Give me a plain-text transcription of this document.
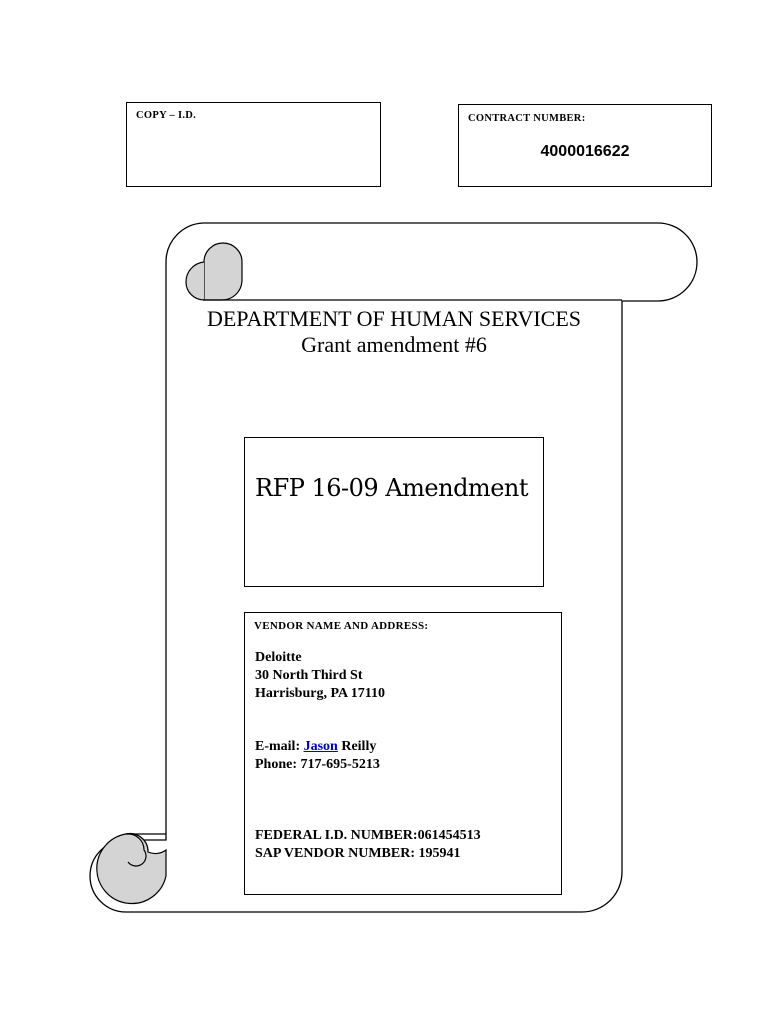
COPY – I.D.	CONTRACT NUMBER:
4000016622
DEPARTMENT OF HUMAN SERVICES
Grant amendment #6
RFP 16-09 Amendment
VENDOR NAME AND ADDRESS:
Deloitte
30 North Third St
Harrisburg, PA 17110
E-mail: Jason Reilly
Phone: 717-695-5213
FEDERAL I.D. NUMBER:061454513
SAP VENDOR NUMBER: 195941
